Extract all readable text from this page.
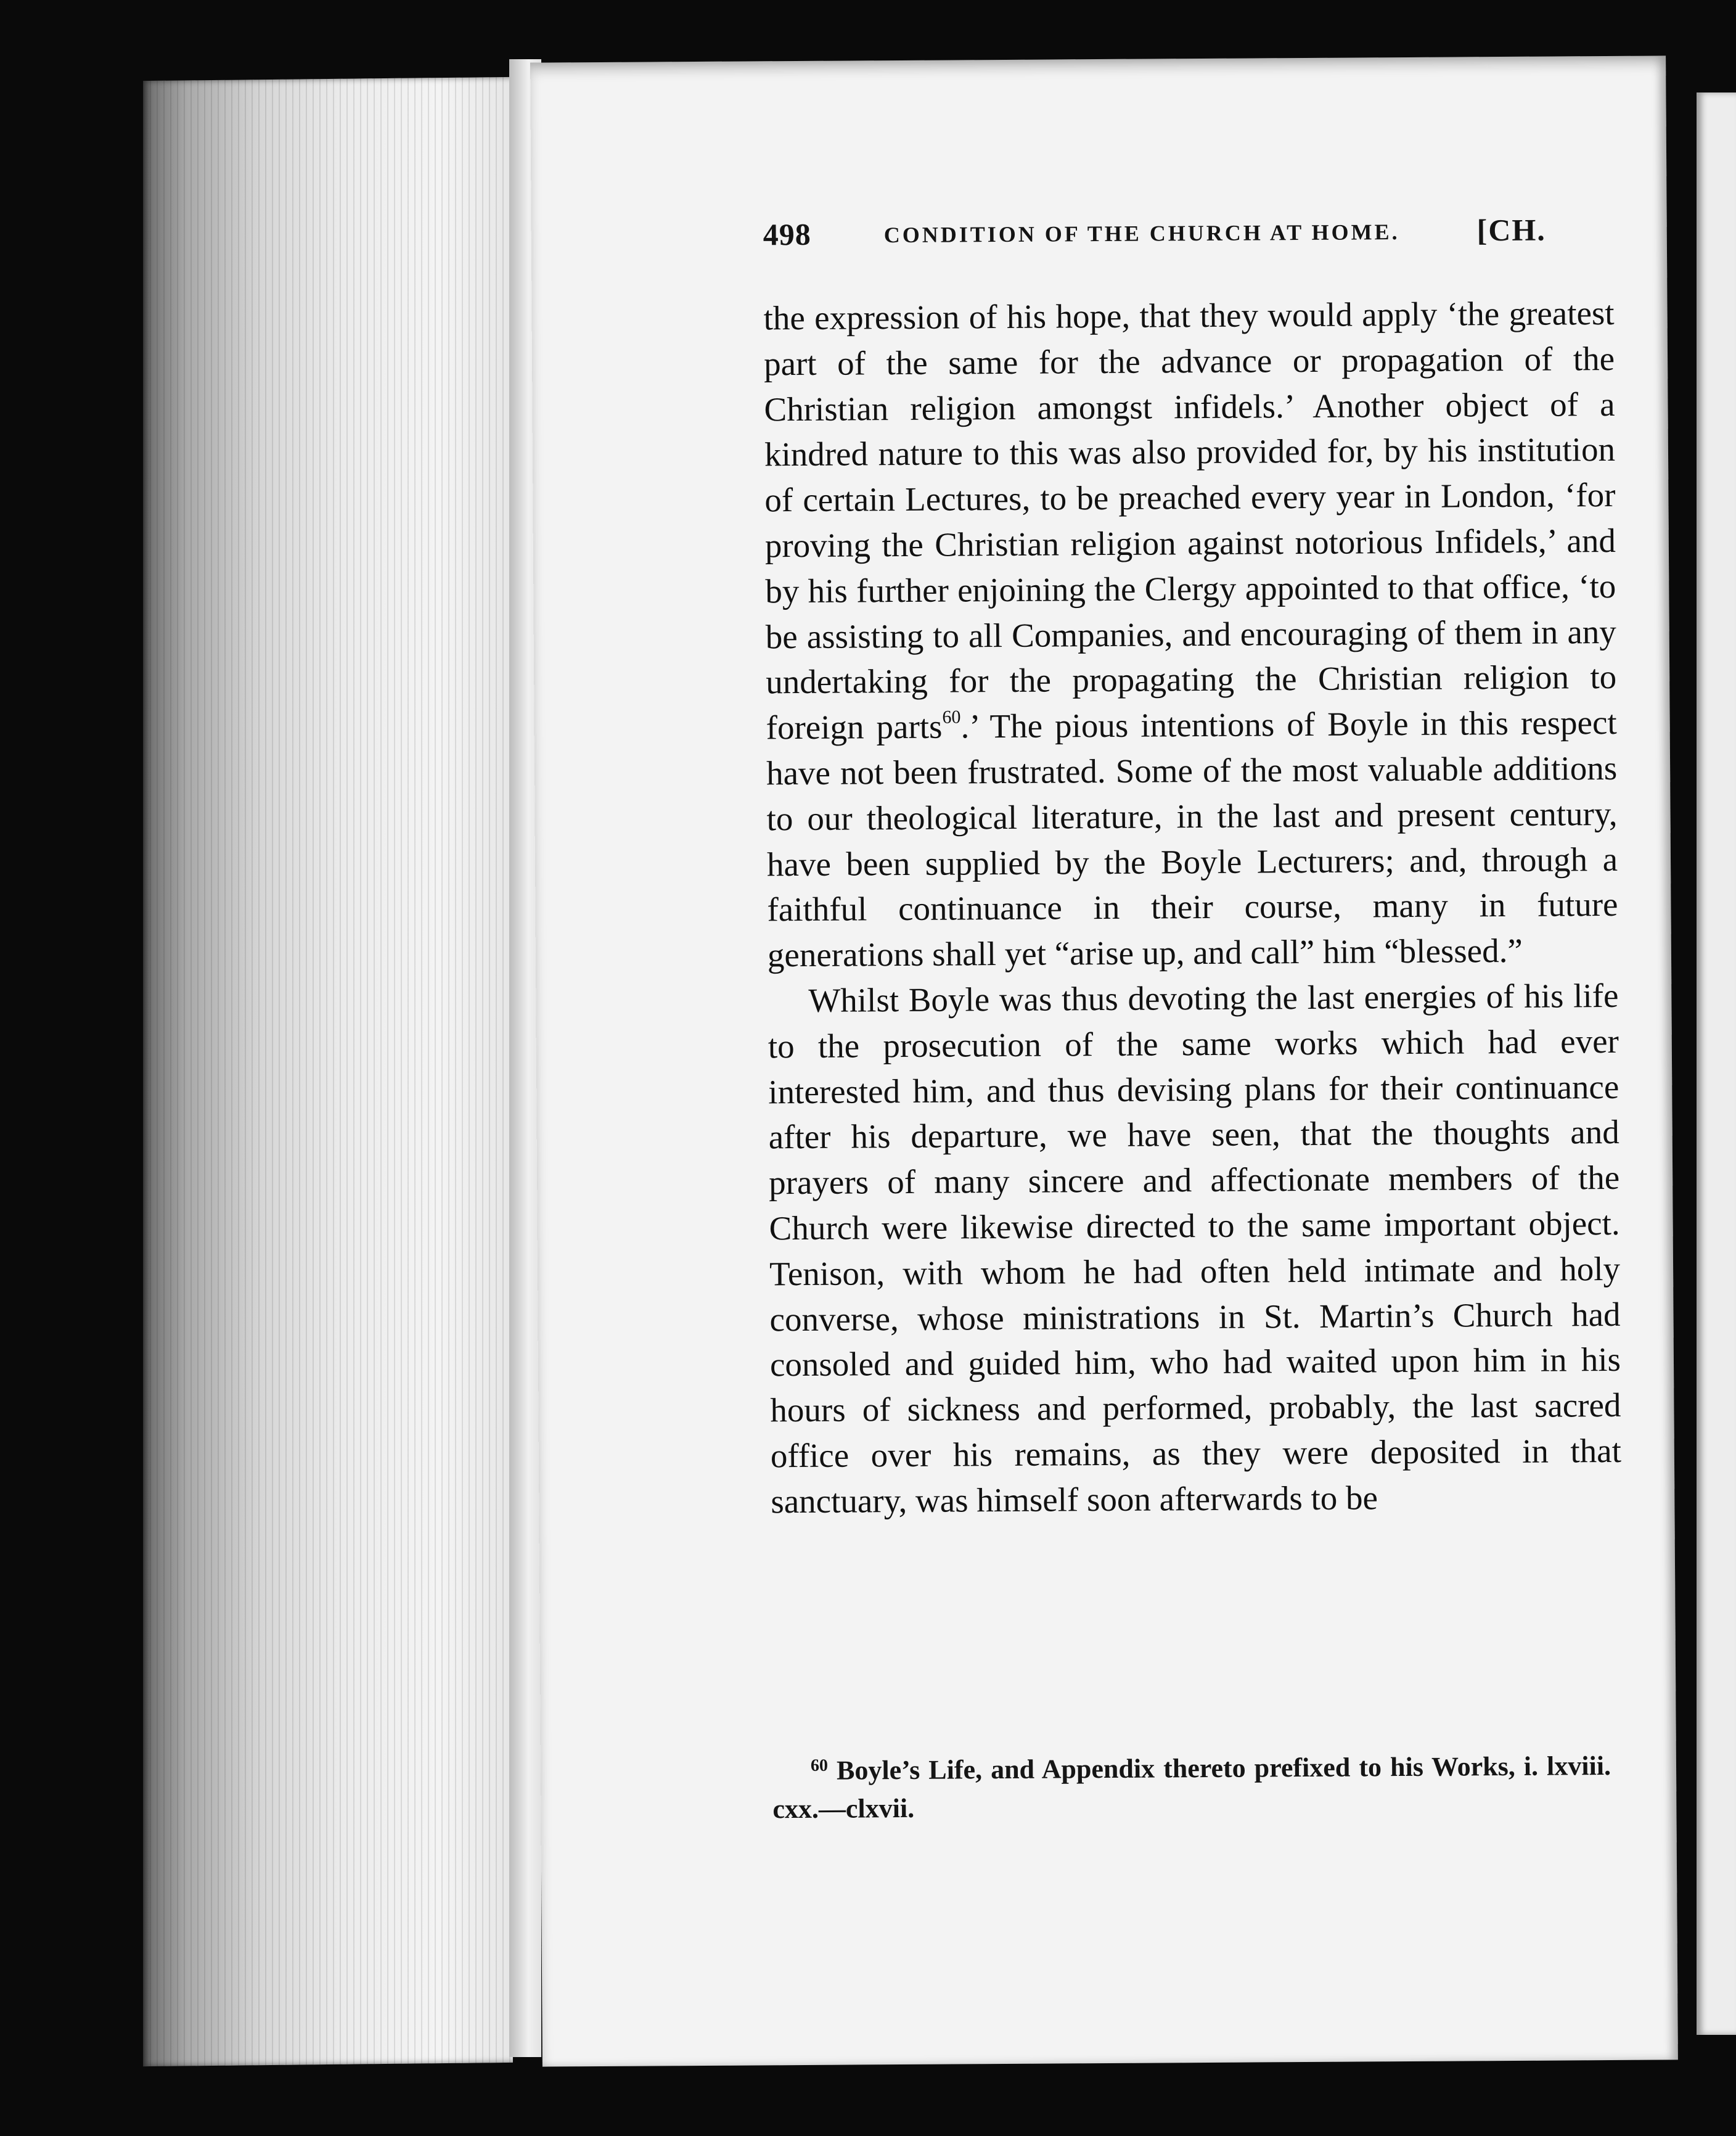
498	CONDITION OF THE CHURCH AT HOME. [CH.

the expression of his hope, that they would apply ‘the greatest part of the same for the advance or propagation of the Christian religion amongst infidels.’ Another object of a kindred nature to this was also provided for, by his institution of certain Lectures, to be preached every year in London, ‘for proving the Christian religion against notorious Infidels,’ and by his further enjoining the Clergy appointed to that office, ‘to be assisting to all Companies, and encouraging of them in any undertaking for the propagating the Christian religion to foreign parts$^{60}$.’ The pious intentions of Boyle in this respect have not been frustrated. Some of the most valuable additions to our theological literature, in the last and present century, have been supplied by the Boyle Lecturers; and, through a faithful continuance in their course, many in future generations shall yet “arise up, and call” him “blessed.”

Whilst Boyle was thus devoting the last energies of his life to the prosecution of the same works which had ever interested him, and thus devising plans for their continuance after his departure, we have seen, that the thoughts and prayers of many sincere and affectionate members of the Church were likewise directed to the same important object. Tenison, with whom he had often held intimate and holy converse, whose ministrations in St. Martin’s Church had consoled and guided him, who had waited upon him in his hours of sickness and performed, probably, the last sacred office over his remains, as they were deposited in that sanctuary, was himself soon afterwards to be

$^{60}$ Boyle’s Life, and Appendix thereto prefixed to his Works, i. lxviii. cxx.—clxvii.
